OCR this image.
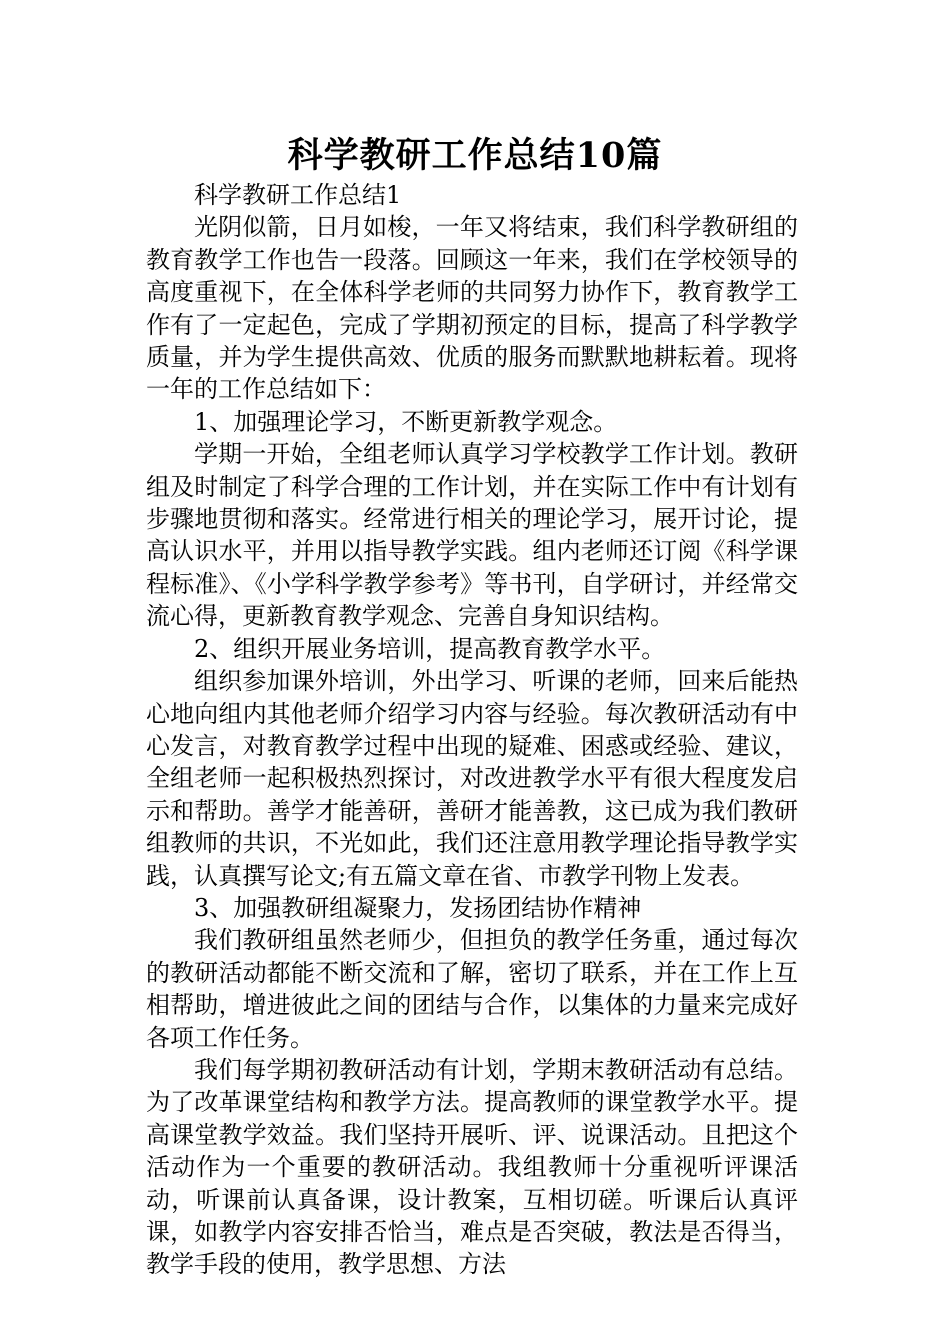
科学教研工作总结10篇

科学教研工作总结1

光阴似箭，日月如梭，一年又将结束，我们科学教研组的教育教学工作也告一段落。回顾这一年来，我们在学校领导的高度重视下，在全体科学老师的共同努力协作下，教育教学工作有了一定起色，完成了学期初预定的目标，提高了科学教学质量，并为学生提供高效、优质的服务而默默地耕耘着。现将一年的工作总结如下：

1、加强理论学习，不断更新教学观念。

学期一开始，全组老师认真学习学校教学工作计划。教研组及时制定了科学合理的工作计划，并在实际工作中有计划有步骤地贯彻和落实。经常进行相关的理论学习，展开讨论，提高认识水平，并用以指导教学实践。组内老师还订阅《科学课程标准》、《小学科学教学参考》等书刊，自学研讨，并经常交流心得，更新教育教学观念、完善自身知识结构。

2、组织开展业务培训，提高教育教学水平。

组织参加课外培训，外出学习、听课的老师，回来后能热心地向组内其他老师介绍学习内容与经验。每次教研活动有中心发言，对教育教学过程中出现的疑难、困惑或经验、建议，全组老师一起积极热烈探讨，对改进教学水平有很大程度发启示和帮助。善学才能善研，善研才能善教，这已成为我们教研组教师的共识，不光如此，我们还注意用教学理论指导教学实践，认真撰写论文;有五篇文章在省、市教学刊物上发表。

3、加强教研组凝聚力，发扬团结协作精神

我们教研组虽然老师少，但担负的教学任务重，通过每次的教研活动都能不断交流和了解，密切了联系，并在工作上互相帮助，增进彼此之间的团结与合作，以集体的力量来完成好各项工作任务。

我们每学期初教研活动有计划，学期末教研活动有总结。为了改革课堂结构和教学方法。提高教师的课堂教学水平。提高课堂教学效益。我们坚持开展听、评、说课活动。且把这个活动作为一个重要的教研活动。我组教师十分重视听评课活动，听课前认真备课，设计教案，互相切磋。听课后认真评课，如教学内容安排否恰当，难点是否突破，教法是否得当，教学手段的使用，教学思想、方法
